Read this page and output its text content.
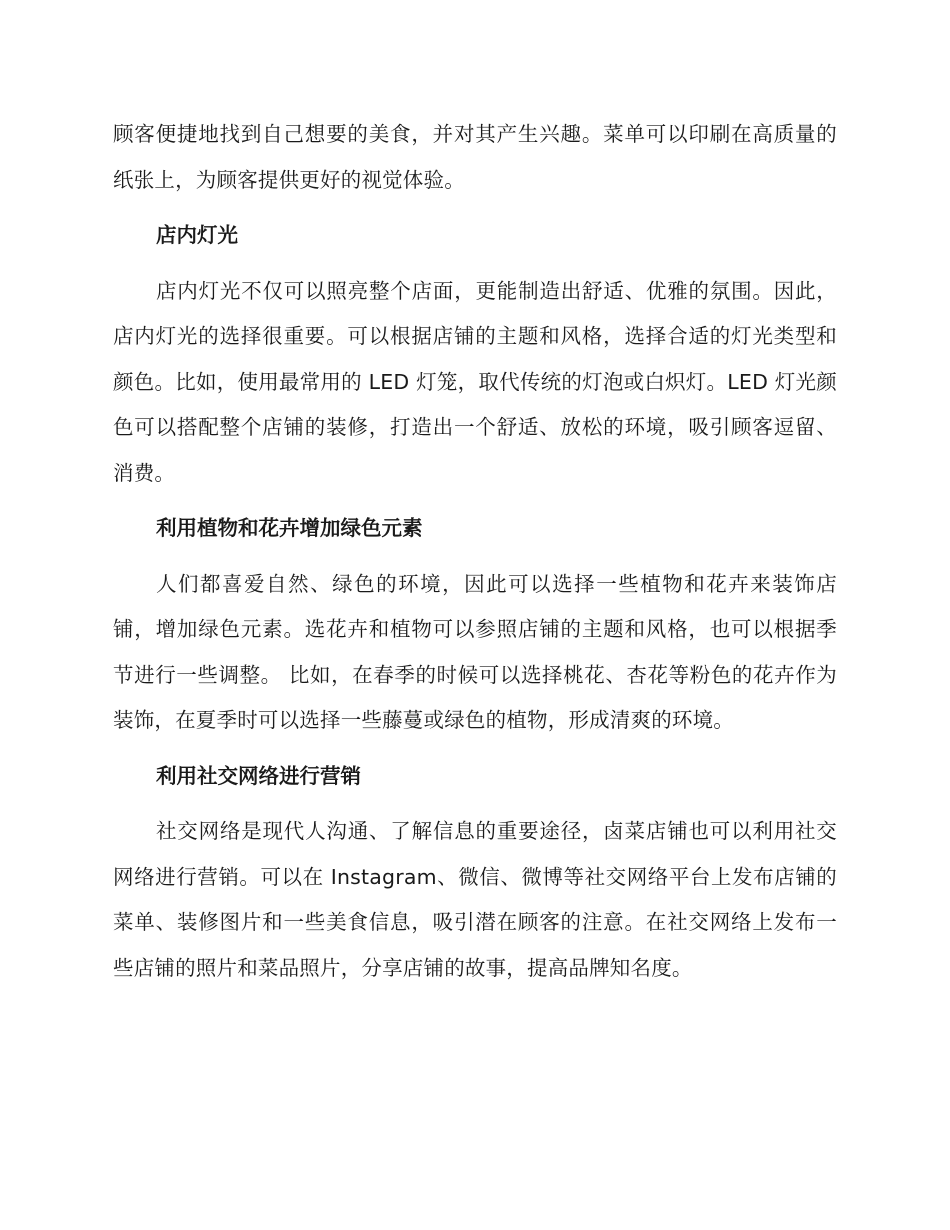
顾客便捷地找到自己想要的美食，并对其产生兴趣。菜单可以印刷在高质量的纸张上，为顾客提供更好的视觉体验。

店内灯光

店内灯光不仅可以照亮整个店面，更能制造出舒适、优雅的氛围。因此，店内灯光的选择很重要。可以根据店铺的主题和风格，选择合适的灯光类型和颜色。比如，使用最常用的 LED 灯笼，取代传统的灯泡或白炽灯。LED 灯光颜色可以搭配整个店铺的装修，打造出一个舒适、放松的环境，吸引顾客逗留、消费。

利用植物和花卉增加绿色元素

人们都喜爱自然、绿色的环境，因此可以选择一些植物和花卉来装饰店铺，增加绿色元素。选花卉和植物可以参照店铺的主题和风格，也可以根据季节进行一些调整。 比如，在春季的时候可以选择桃花、杏花等粉色的花卉作为装饰，在夏季时可以选择一些藤蔓或绿色的植物，形成清爽的环境。

利用社交网络进行营销

社交网络是现代人沟通、了解信息的重要途径，卤菜店铺也可以利用社交网络进行营销。可以在 Instagram、微信、微博等社交网络平台上发布店铺的菜单、装修图片和一些美食信息，吸引潜在顾客的注意。在社交网络上发布一些店铺的照片和菜品照片，分享店铺的故事，提高品牌知名度。
